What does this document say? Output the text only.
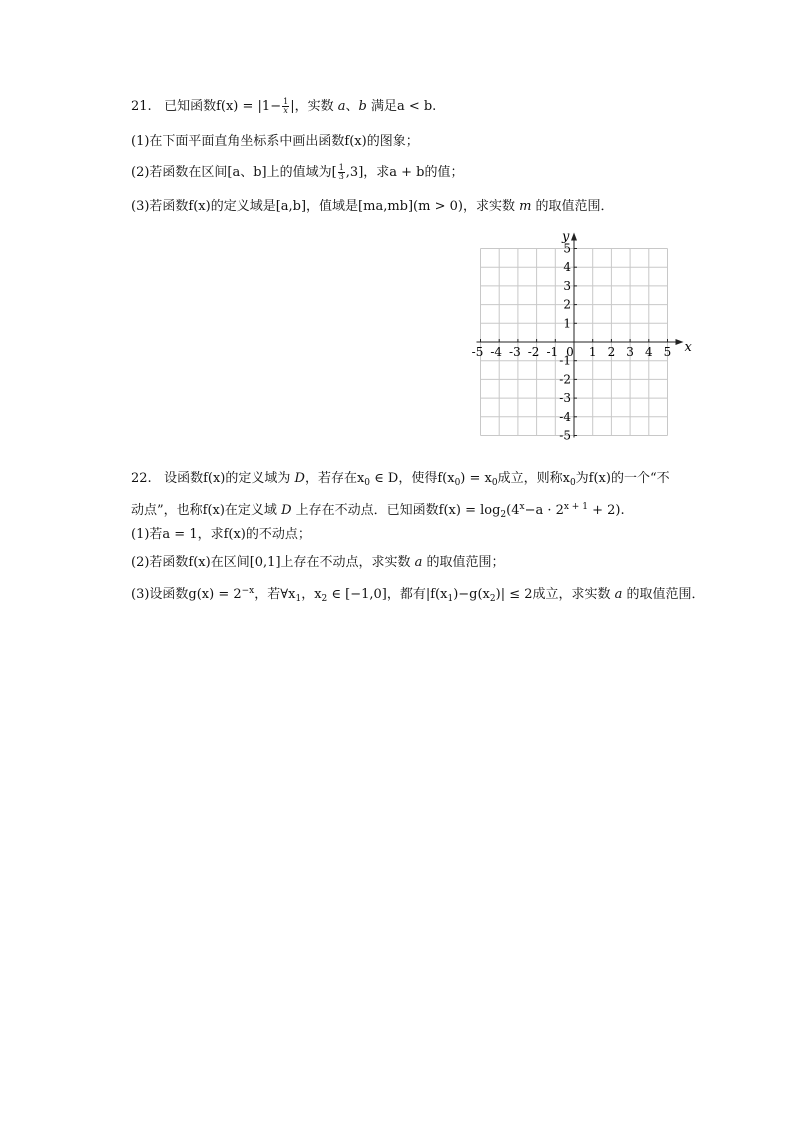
21. 已知函数$f(x) = |1- \frac{1}{x}$ |，实数 a、b 满足a < b.
(1)在下面平面直角坐标系中画出函数f(x)的图象；
(2)若函数在区间[a、b]上的值域为[ $\frac{1}{3} ,3$]，求a + b的值；
(3)若函数f(x)的定义域是[a,b]，值域是[ma,mb](m > 0)，求实数 m 的取值范围．
-5 -4 -3 -2 -1	1 2 3 4 5
5
4
3
2
1
-1
-2
-3
-4
-5
x
y
0
22. 设函数f(x)的定义域为 D，若存在$x_0$ ∈ D，使得$f(x_0) = x_0$成立，则称$x_0$为f(x)的一个“不
动点”，也称f(x)在定义域 D 上存在不动点．已知函数$f(x) = \log_2(4^x-a \cdot 2^{x + 1} + 2)$.
(1)若a = 1，求f(x)的不动点；
(2)若函数f(x)在区间[0,1]上存在不动点，求实数 a 的取值范围；
(3)设函数$g(x) = 2^{-x}$，若$\forall x_1$，$x_2$ ∈ [−1,0]，都有$|f(x_1)-g(x_2)| \le 2$成立，求实数 a 的取值范围．
